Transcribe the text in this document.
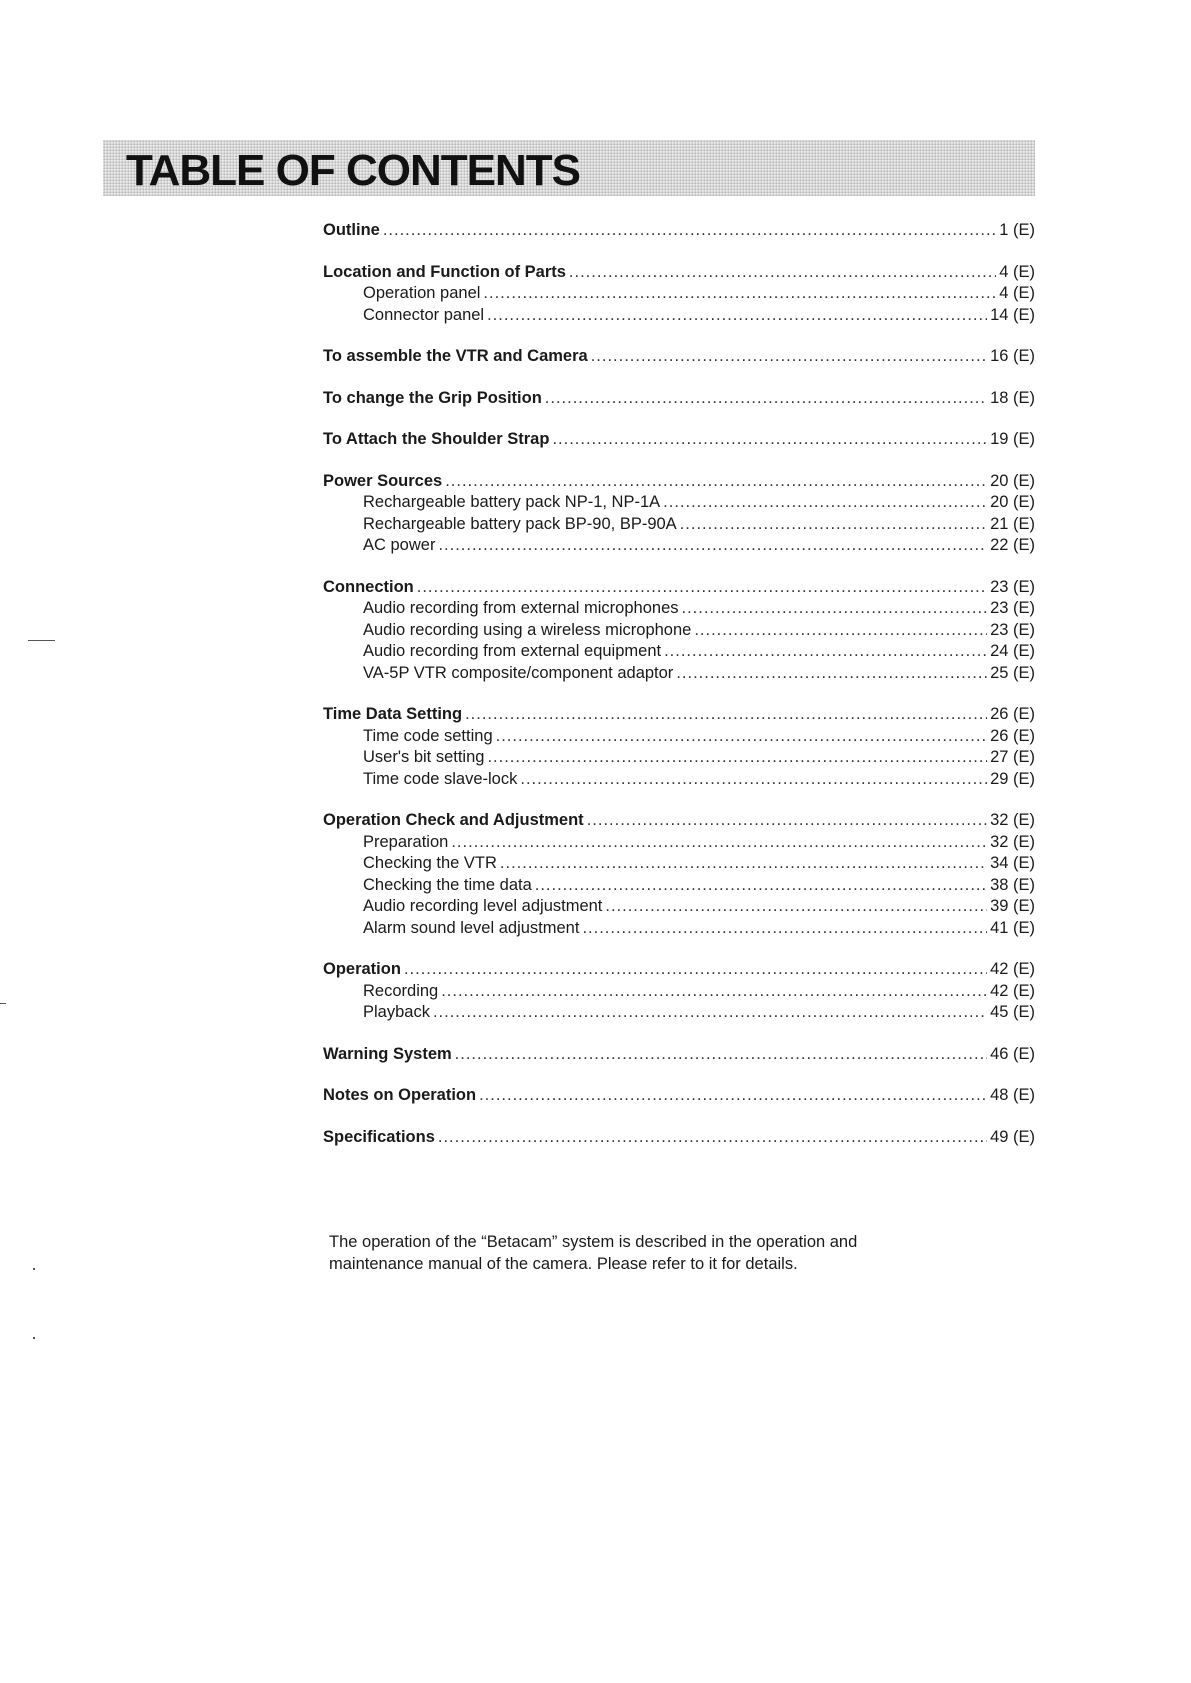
TABLE OF CONTENTS
Outline .....	1 (E)
Location and Function of Parts .....	4 (E)
Operation panel .....	4 (E)
Connector panel .....	14 (E)
To assemble the VTR and Camera .....	16 (E)
To change the Grip Position .....	18 (E)
To Attach the Shoulder Strap .....	19 (E)
Power Sources .....	20 (E)
Rechargeable battery pack NP-1, NP-1A .....	20 (E)
Rechargeable battery pack BP-90, BP-90A .....	21 (E)
AC power .....	22 (E)
Connection .....	23 (E)
Audio recording from external microphones .....	23 (E)
Audio recording using a wireless microphone .....	23 (E)
Audio recording from external equipment .....	24 (E)
VA-5P VTR composite/component adaptor .....	25 (E)
Time Data Setting .....	26 (E)
Time code setting .....	26 (E)
User's bit setting .....	27 (E)
Time code slave-lock .....	29 (E)
Operation Check and Adjustment .....	32 (E)
Preparation .....	32 (E)
Checking the VTR .....	34 (E)
Checking the time data .....	38 (E)
Audio recording level adjustment .....	39 (E)
Alarm sound level adjustment .....	41 (E)
Operation .....	42 (E)
Recording .....	42 (E)
Playback .....	45 (E)
Warning System .....	46 (E)
Notes on Operation .....	48 (E)
Specifications .....	49 (E)
The operation of the “Betacam” system is described in the operation and maintenance manual of the camera. Please refer to it for details.
